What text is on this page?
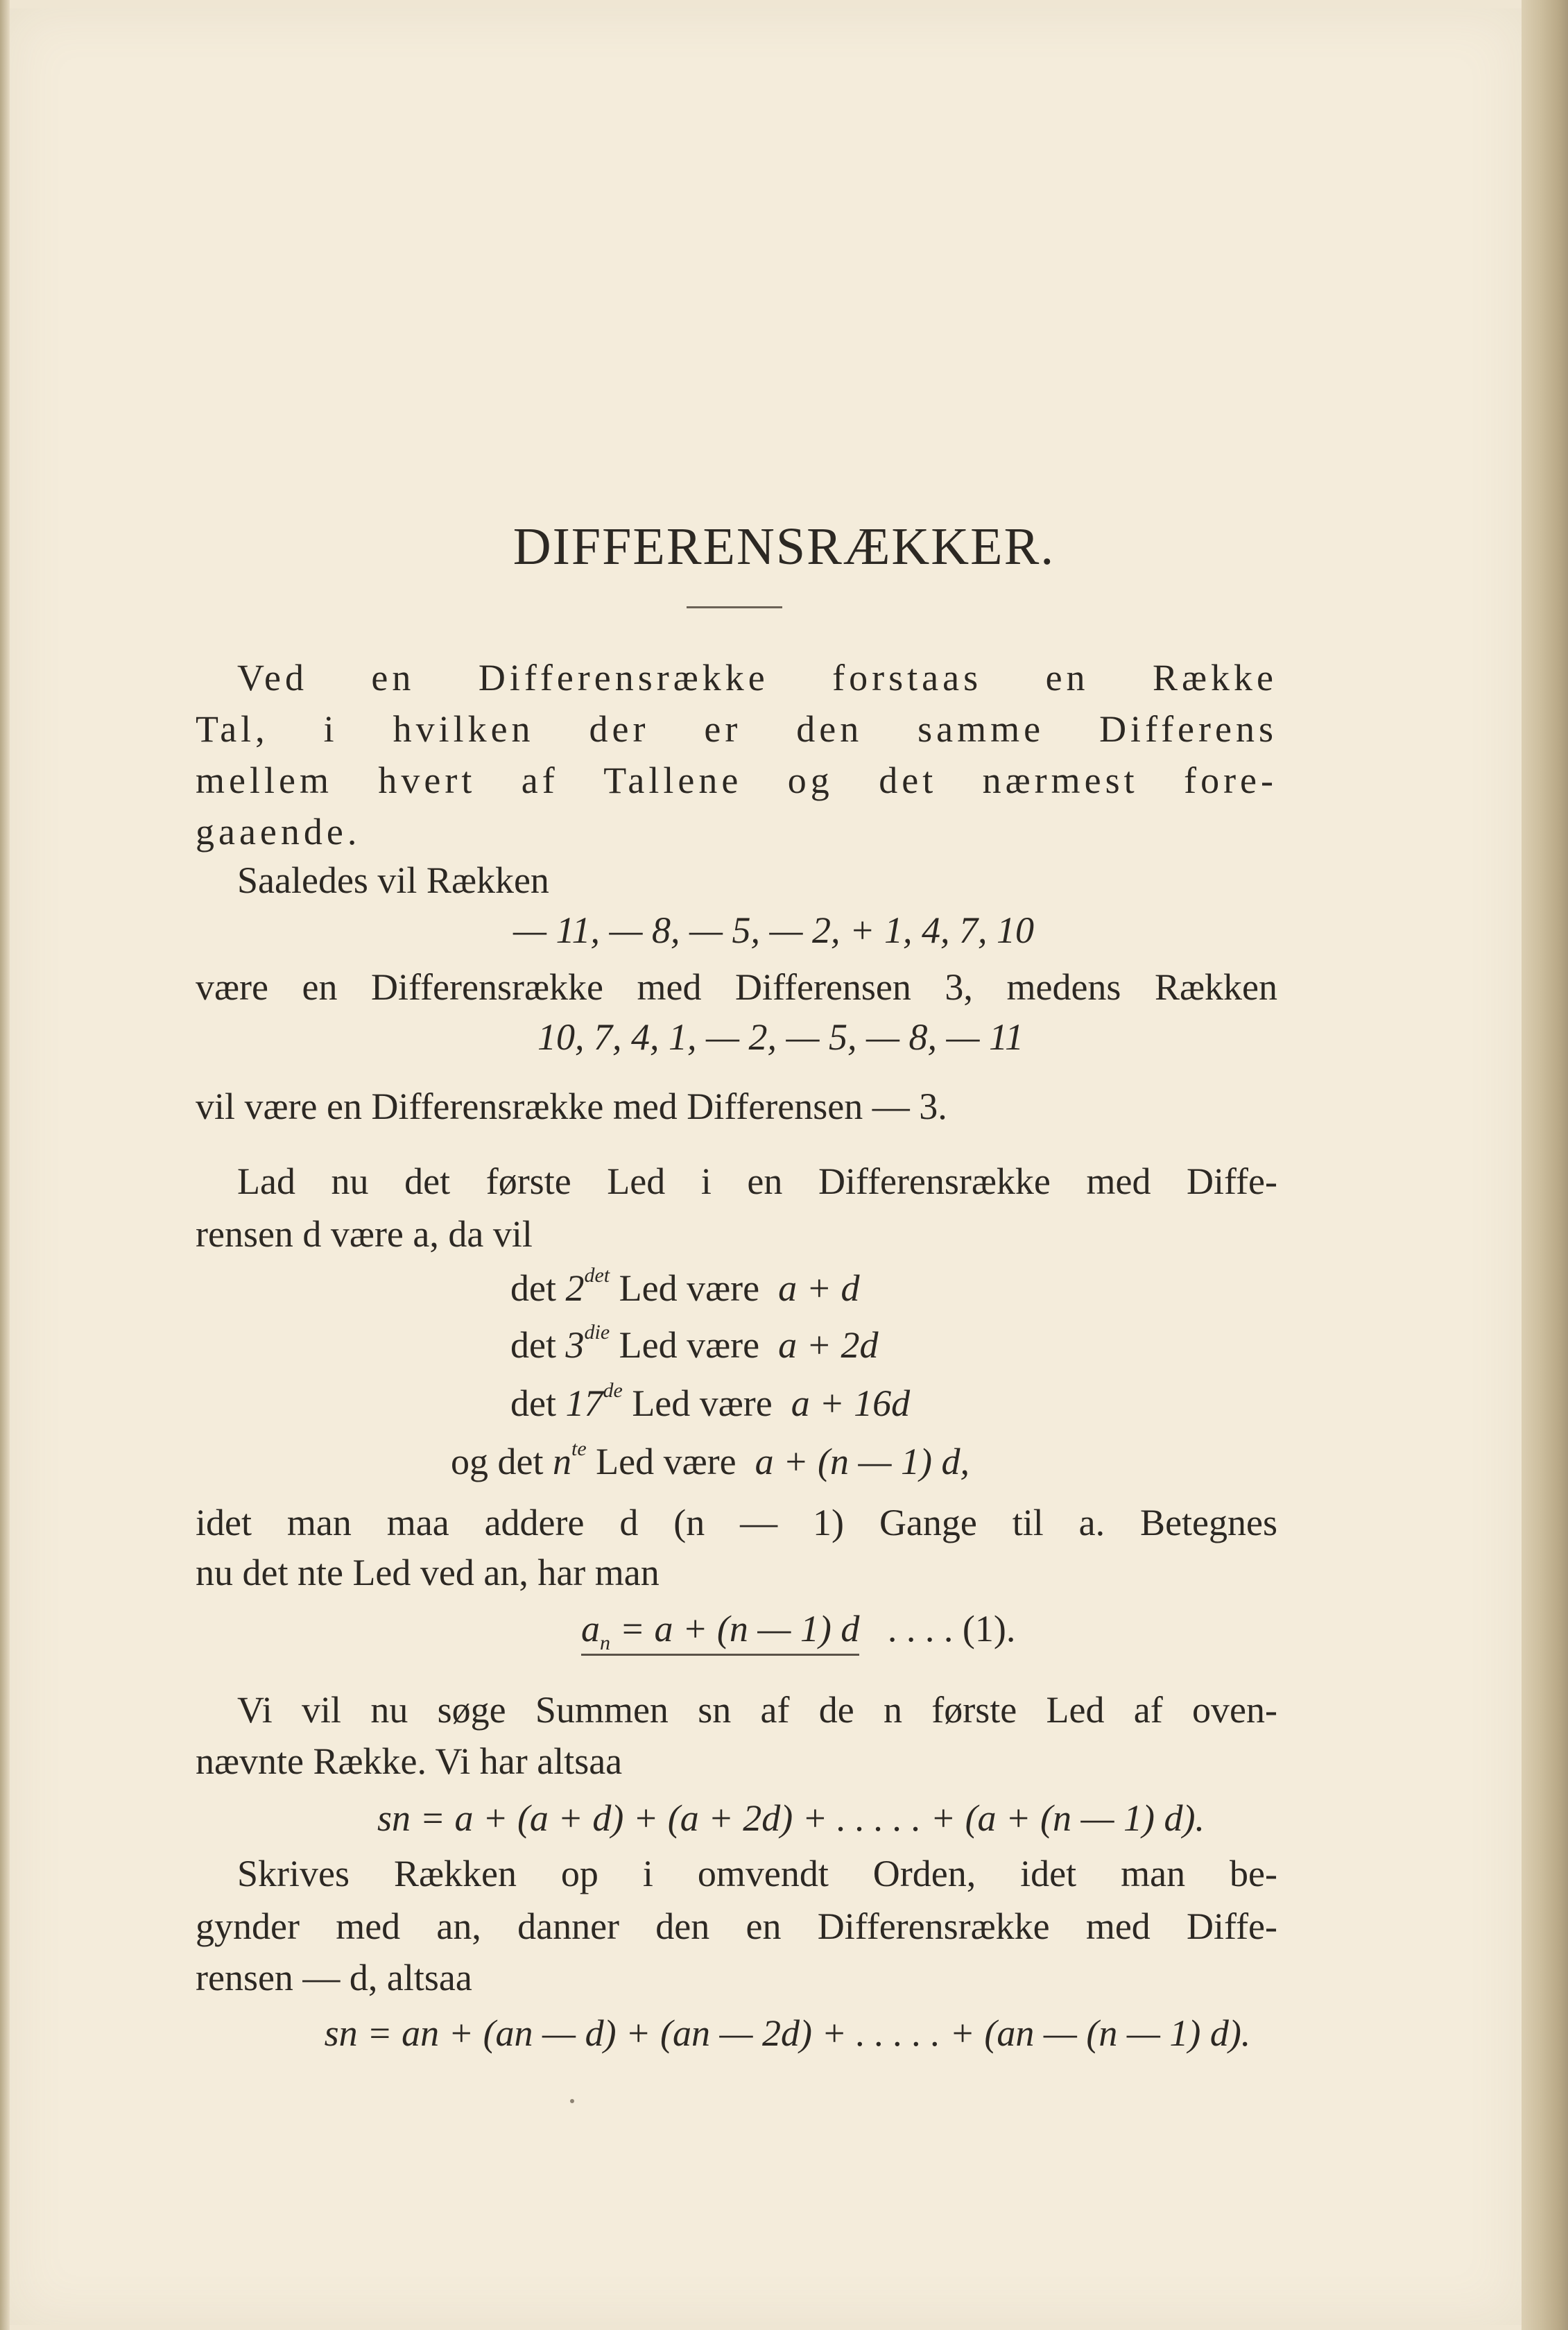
DIFFERENSRÆKKER.
Ved en Differensrække forstaas en Række
Tal, i hvilken der er den samme Differens
mellem hvert af Tallene og det nærmest fore-
gaaende.
Saaledes vil Rækken
— 11, — 8, — 5, — 2, + 1, 4, 7, 10
være en Differensrække med Differensen 3, medens Rækken
10, 7, 4, 1, — 2, — 5, — 8, — 11
vil være en Differensrække med Differensen — 3.
Lad nu det første Led i en Differensrække med Diffe-
rensen d være a, da vil
$\det 2^{det}$ Led være a + d
$\det 3^{die}$ Led være a + 2d
det 17de Led være a + 16d
og $\det n^{te}$ Led være a + (n — 1) d,
idet man maa addere d (n — 1) Gange til a. Betegnes
nu det nte Led ved an, har man
$a_n = a + (n$ — 1) d . . . . (1).
Vi vil nu søge Summen sn af de n første Led af oven-
nævnte Række. Vi har altsaa
sn = a + (a + d) + (a + 2d) + . . . . . + (a + (n — 1) d).
Skrives Rækken op i omvendt Orden, idet man be-
gynder med an, danner den en Differensrække med Diffe-
rensen — d, altsaa
sn = an + (an — d) + (an — 2d) + . . . . . + (an — (n — 1) d).
